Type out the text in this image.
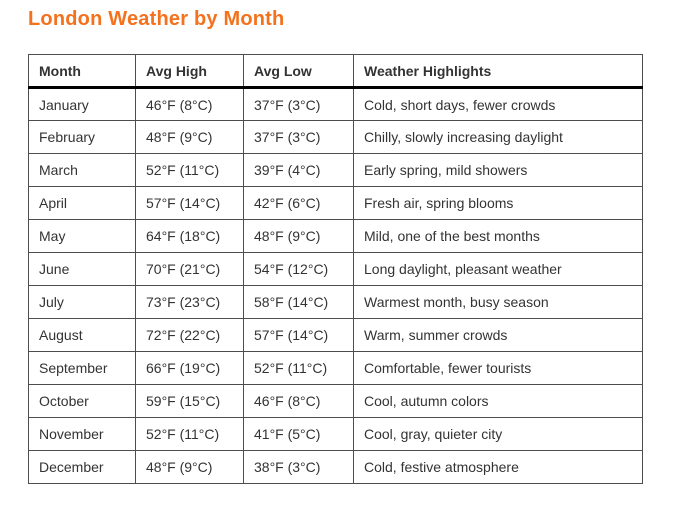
London Weather by Month
Month	Avg High	Avg Low	Weather Highlights
January	46°F (8°C)	37°F (3°C)	Cold, short days, fewer crowds
February	48°F (9°C)	37°F (3°C)	Chilly, slowly increasing daylight
March	52°F (11°C)	39°F (4°C)	Early spring, mild showers
April	57°F (14°C)	42°F (6°C)	Fresh air, spring blooms
May	64°F (18°C)	48°F (9°C)	Mild, one of the best months
June	70°F (21°C)	54°F (12°C)	Long daylight, pleasant weather
July	73°F (23°C)	58°F (14°C)	Warmest month, busy season
August	72°F (22°C)	57°F (14°C)	Warm, summer crowds
September	66°F (19°C)	52°F (11°C)	Comfortable, fewer tourists
October	59°F (15°C)	46°F (8°C)	Cool, autumn colors
November	52°F (11°C)	41°F (5°C)	Cool, gray, quieter city
December	48°F (9°C)	38°F (3°C)	Cold, festive atmosphere
